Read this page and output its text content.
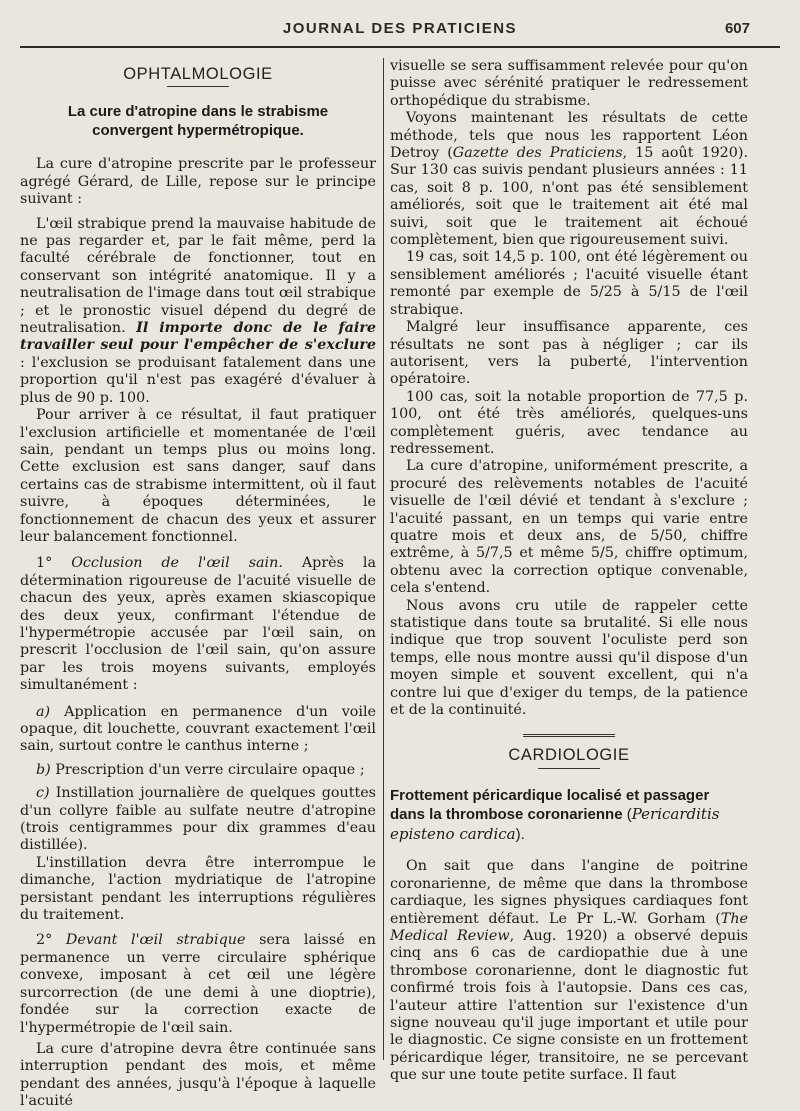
JOURNAL DES PRATICIENS	607
OPHTALMOLOGIE
La cure d'atropine dans le strabisme convergent hypermétropique.

La cure d'atropine prescrite par le professeur agrégé Gérard, de Lille, repose sur le principe suivant :

L'œil strabique prend la mauvaise habitude de ne pas regarder et, par le fait même, perd la faculté cérébrale de fonctionner, tout en conservant son intégrité anatomique. Il y a neutralisation de l'image dans tout œil strabique ; et le pronostic visuel dépend du degré de neutralisation. Il importe donc de le faire travailler seul pour l'empêcher de s'exclure : l'exclusion se produisant fatalement dans une proportion qu'il n'est pas exagéré d'évaluer à plus de 90 p. 100.

Pour arriver à ce résultat, il faut pratiquer l'exclusion artificielle et momentanée de l'œil sain, pendant un temps plus ou moins long. Cette exclusion est sans danger, sauf dans certains cas de strabisme intermittent, où il faut suivre, à époques déterminées, le fonctionnement de chacun des yeux et assurer leur balancement fonctionnel.

1° Occlusion de l'œil sain. Après la détermination rigoureuse de l'acuité visuelle de chacun des yeux, après examen skiascopique des deux yeux, confirmant l'étendue de l'hypermétropie accusée par l'œil sain, on prescrit l'occlusion de l'œil sain, qu'on assure par les trois moyens suivants, employés simultanément :

a) Application en permanence d'un voile opaque, dit louchette, couvrant exactement l'œil sain, surtout contre le canthus interne ;

b) Prescription d'un verre circulaire opaque ;

c) Instillation journalière de quelques gouttes d'un collyre faible au sulfate neutre d'atropine (trois centigrammes pour dix grammes d'eau distillée).

L'instillation devra être interrompue le dimanche, l'action mydriatique de l'atropine persistant pendant les interruptions régulières du traitement.

2° Devant l'œil strabique sera laissé en permanence un verre circulaire sphérique convexe, imposant à cet œil une légère surcorrection (de une demi à une dioptrie), fondée sur la correction exacte de l'hypermétropie de l'œil sain.

La cure d'atropine devra être continuée sans interruption pendant des mois, et même pendant des années, jusqu'à l'époque à laquelle l'acuité

visuelle se sera suffisamment relevée pour qu'on puisse avec sérénité pratiquer le redressement orthopédique du strabisme.

Voyons maintenant les résultats de cette méthode, tels que nous les rapportent Léon Detroy (Gazette des Praticiens, 15 août 1920). Sur 130 cas suivis pendant plusieurs années : 11 cas, soit 8 p. 100, n'ont pas été sensiblement améliorés, soit que le traitement ait été mal suivi, soit que le traitement ait échoué complètement, bien que rigoureusement suivi.

19 cas, soit 14,5 p. 100, ont été légèrement ou sensiblement améliorés ; l'acuité visuelle étant remonté par exemple de 5/25 à 5/15 de l'œil strabique.

Malgré leur insuffisance apparente, ces résultats ne sont pas à négliger ; car ils autorisent, vers la puberté, l'intervention opératoire.

100 cas, soit la notable proportion de 77,5 p. 100, ont été très améliorés, quelques-uns complètement guéris, avec tendance au redressement.

La cure d'atropine, uniformément prescrite, a procuré des relèvements notables de l'acuité visuelle de l'œil dévié et tendant à s'exclure ; l'acuité passant, en un temps qui varie entre quatre mois et deux ans, de 5/50, chiffre extrême, à 5/7,5 et même 5/5, chiffre optimum, obtenu avec la correction optique convenable, cela s'entend.

Nous avons cru utile de rappeler cette statistique dans toute sa brutalité. Si elle nous indique que trop souvent l'oculiste perd son temps, elle nous montre aussi qu'il dispose d'un moyen simple et souvent excellent, qui n'a contre lui que d'exiger du temps, de la patience et de la continuité.

CARDIOLOGIE

Frottement péricardique localisé et passager dans la thrombose coronarienne (Pericarditis episteno cardica).

On sait que dans l'angine de poitrine coronarienne, de même que dans la thrombose cardiaque, les signes physiques cardiaques font entièrement défaut. Le Pr L.-W. Gorham (The Medical Review, Aug. 1920) a observé depuis cinq ans 6 cas de cardiopathie due à une thrombose coronarienne, dont le diagnostic fut confirmé trois fois à l'autopsie. Dans ces cas, l'auteur attire l'attention sur l'existence d'un signe nouveau qu'il juge important et utile pour le diagnostic. Ce signe consiste en un frottement péricardique léger, transitoire, ne se percevant que sur une toute petite surface. Il faut
